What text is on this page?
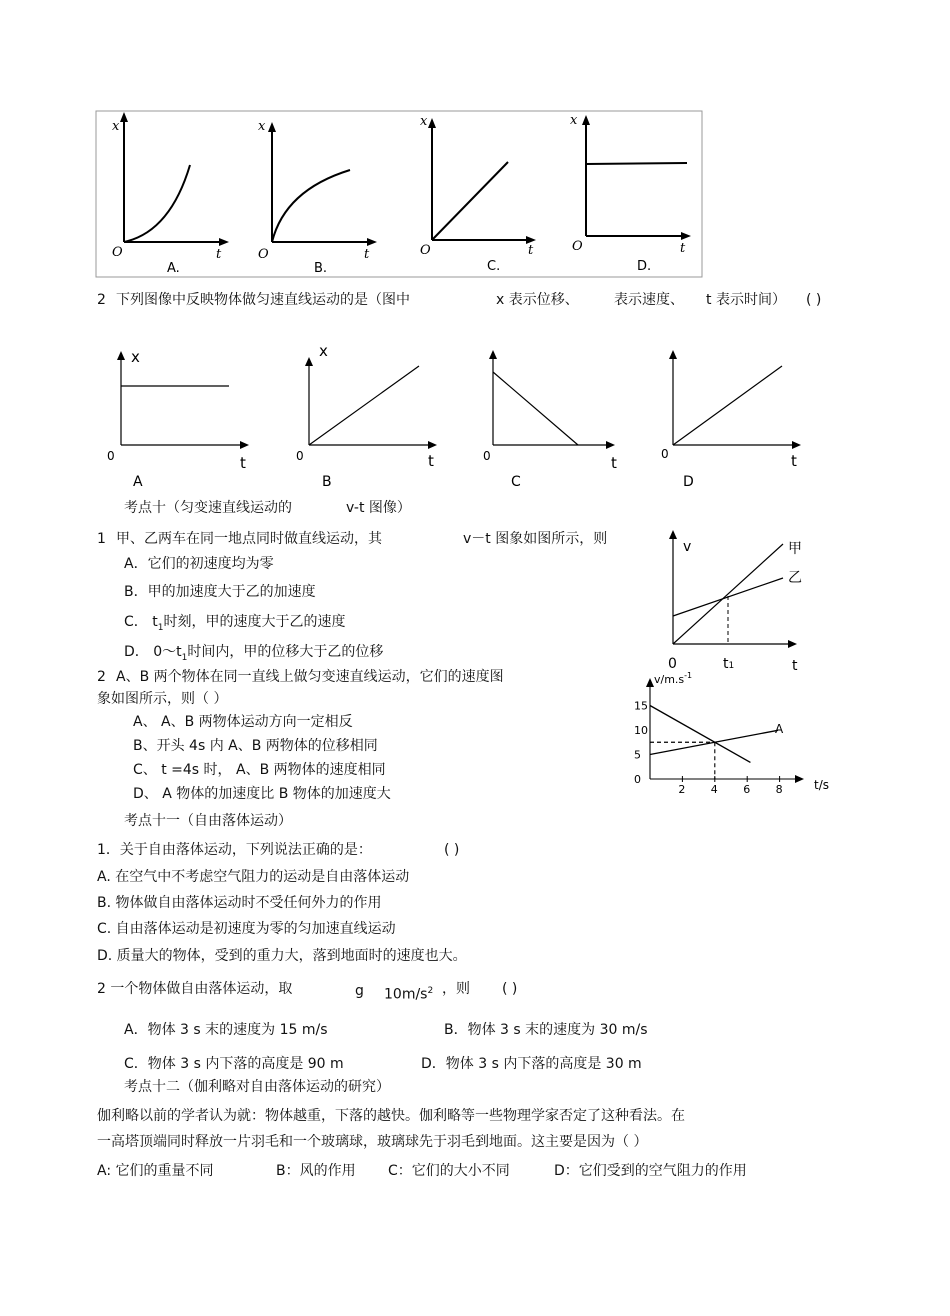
x
O	t
A.
x
O	t
B.
x
O	t
C.
x
O	t
D.
2 下列图像中反映物体做匀速直线运动的是（图中	x 表示位移、	表示速度、 t 表示时间） ( )
x
0	t
A
x
0	t
B
0	t
C
0	t
D
考点十（匀变速直线运动的	v-t 图像）
1 甲、乙两车在同一地点同时做直线运动，其	v－t 图象如图所示，则
A．它们的初速度均为零
B．甲的加速度大于乙的加速度
C． $t_1$时刻，甲的速度大于乙的速度
D． $0\sim t_1$时间内，甲的位移大于乙的位移
v
0	t
t1
甲
乙
2 A、B 两个物体在同一直线上做匀变速直线运动，它们的速度图
象如图所示，则（ ）
A、 A、B 两物体运动方向一定相反
B、开头 4s 内 A、B 两物体的位移相同
C、 t =4s 时， A、B 两物体的速度相同
D、 A 物体的加速度比 B 物体的加速度大
$v/m.s^{-1}$
t/s
A
15
10
5
0
2 4 6 8
考点十一（自由落体运动）
1．关于自由落体运动，下列说法正确的是：	( )
A. 在空气中不考虑空气阻力的运动是自由落体运动
B. 物体做自由落体运动时不受任何外力的作用
C. 自由落体运动是初速度为零的匀加速直线运动
D. 质量大的物体，受到的重力大，落到地面时的速度也大。
2 一个物体做自由落体运动，取	g $10m/s^2$ ，则 ( )
A．物体 3 s 末的速度为 15 m/s	B．物体 3 s 末的速度为 30 m/s
C．物体 3 s 内下落的高度是 90 m	D．物体 3 s 内下落的高度是 30 m
考点十二（伽利略对自由落体运动的研究）
伽利略以前的学者认为就：物体越重，下落的越快。伽利略等一些物理学家否定了这种看法。在
一高塔顶端同时释放一片羽毛和一个玻璃球，玻璃球先于羽毛到地面。这主要是因为（ ）
A: 它们的重量不同	B：风的作用 C：它们的大小不同	D：它们受到的空气阻力的作用
